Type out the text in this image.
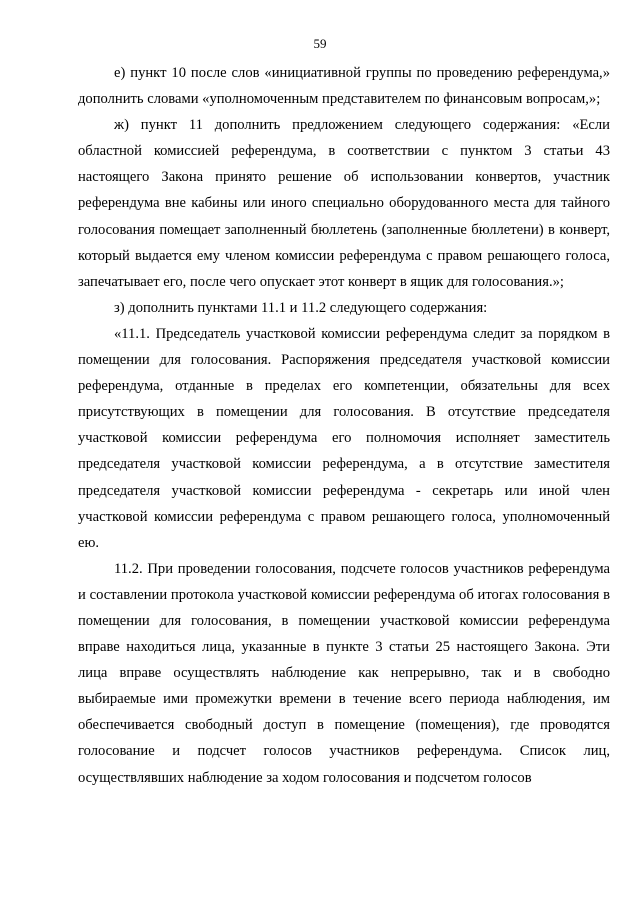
59

е) пункт 10 после слов «инициативной группы по проведению референдума,» дополнить словами «уполномоченным представителем по финансовым вопросам,»;

ж) пункт 11 дополнить предложением следующего содержания: «Если областной комиссией референдума, в соответствии с пунктом 3 статьи 43 настоящего Закона принято решение об использовании конвертов, участник референдума вне кабины или иного специально оборудованного места для тайного голосования помещает заполненный бюллетень (заполненные бюллетени) в конверт, который выдается ему членом комиссии референдума с правом решающего голоса, запечатывает его, после чего опускает этот конверт в ящик для голосования.»;

з) дополнить пунктами 11.1 и 11.2 следующего содержания:

«11.1. Председатель участковой комиссии референдума следит за порядком в помещении для голосования. Распоряжения председателя участковой комиссии референдума, отданные в пределах его компетенции, обязательны для всех присутствующих в помещении для голосования. В отсутствие председателя участковой комиссии референдума его полномочия исполняет заместитель председателя участковой комиссии референдума, а в отсутствие заместителя председателя участковой комиссии референдума - секретарь или иной член участковой комиссии референдума с правом решающего голоса, уполномоченный ею.

11.2. При проведении голосования, подсчете голосов участников референдума и составлении протокола участковой комиссии референдума об итогах голосования в помещении для голосования, в помещении участковой комиссии референдума вправе находиться лица, указанные в пункте 3 статьи 25 настоящего Закона. Эти лица вправе осуществлять наблюдение как непрерывно, так и в свободно выбираемые ими промежутки времени в течение всего периода наблюдения, им обеспечивается свободный доступ в помещение (помещения), где проводятся голосование и подсчет голосов участников референдума. Список лиц, осуществлявших наблюдение за ходом голосования и подсчетом голосов
